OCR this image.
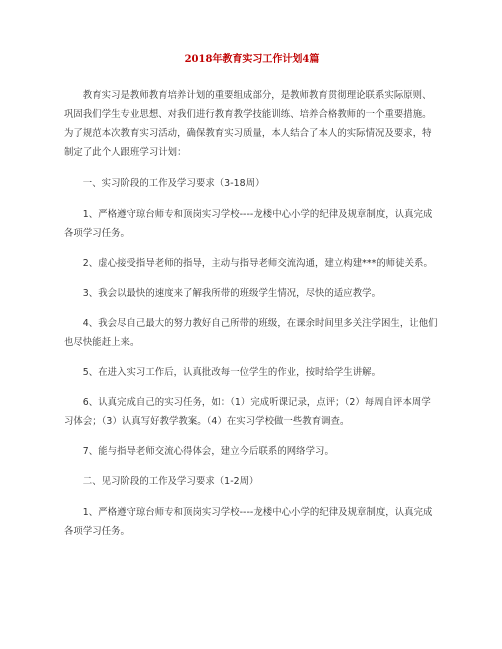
2018年教育实习工作计划4篇

教育实习是教师教育培养计划的重要组成部分，是教师教育贯彻理论联系实际原则、巩固我们学生专业思想、对我们进行教育教学技能训练、培养合格教师的一个重要措施。为了规范本次教育实习活动，确保教育实习质量，本人结合了本人的实际情况及要求，特制定了此个人跟班学习计划：

一、实习阶段的工作及学习要求（3-18周）

1、严格遵守琼台师专和顶岗实习学校----龙楼中心小学的纪律及规章制度，认真完成各项学习任务。

2、虚心接受指导老师的指导，主动与指导老师交流沟通，建立构建***的师徒关系。

3、我会以最快的速度来了解我所带的班级学生情况，尽快的适应教学。

4、我会尽自己最大的努力教好自己所带的班级，在课余时间里多关注学困生，让他们也尽快能赶上来。

5、在进入实习工作后，认真批改每一位学生的作业，按时给学生讲解。

6、认真完成自己的实习任务，如：（1）完成听课记录，点评；（2）每周自评本周学习体会；（3）认真写好教学教案。（4）在实习学校做一些教育调查。

7、能与指导老师交流心得体会，建立今后联系的网络学习。

二、见习阶段的工作及学习要求（1-2周）

1、严格遵守琼台师专和顶岗实习学校----龙楼中心小学的纪律及规章制度，认真完成各项学习任务。
